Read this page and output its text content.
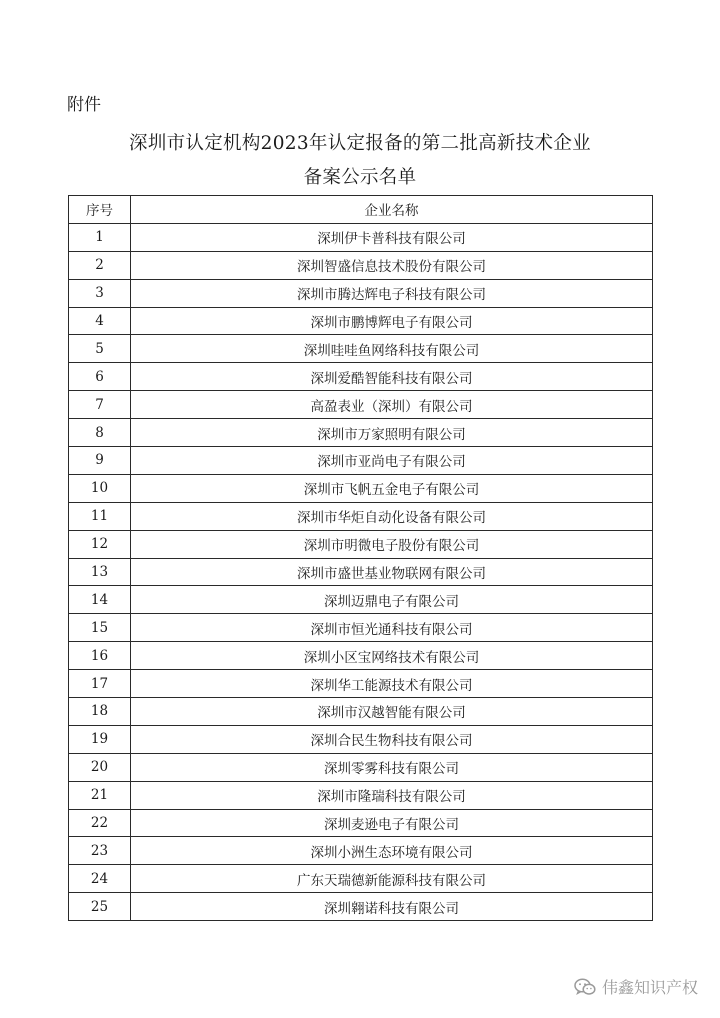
附件
深圳市认定机构2023年认定报备的第二批高新技术企业
备案公示名单
序号	企业名称
1	深圳伊卡普科技有限公司
2	深圳智盛信息技术股份有限公司
3	深圳市腾达辉电子科技有限公司
4	深圳市鹏博辉电子有限公司
5	深圳哇哇鱼网络科技有限公司
6	深圳爱酷智能科技有限公司
7	高盈表业（深圳）有限公司
8	深圳市万家照明有限公司
9	深圳市亚尚电子有限公司
10	深圳市飞帆五金电子有限公司
11	深圳市华炬自动化设备有限公司
12	深圳市明微电子股份有限公司
13	深圳市盛世基业物联网有限公司
14	深圳迈鼎电子有限公司
15	深圳市恒光通科技有限公司
16	深圳小区宝网络技术有限公司
17	深圳华工能源技术有限公司
18	深圳市汉越智能有限公司
19	深圳合民生物科技有限公司
20	深圳零雾科技有限公司
21	深圳市隆瑞科技有限公司
22	深圳麦逊电子有限公司
23	深圳小洲生态环境有限公司
24	广东天瑞德新能源科技有限公司
25	深圳翱诺科技有限公司
伟鑫知识产权
